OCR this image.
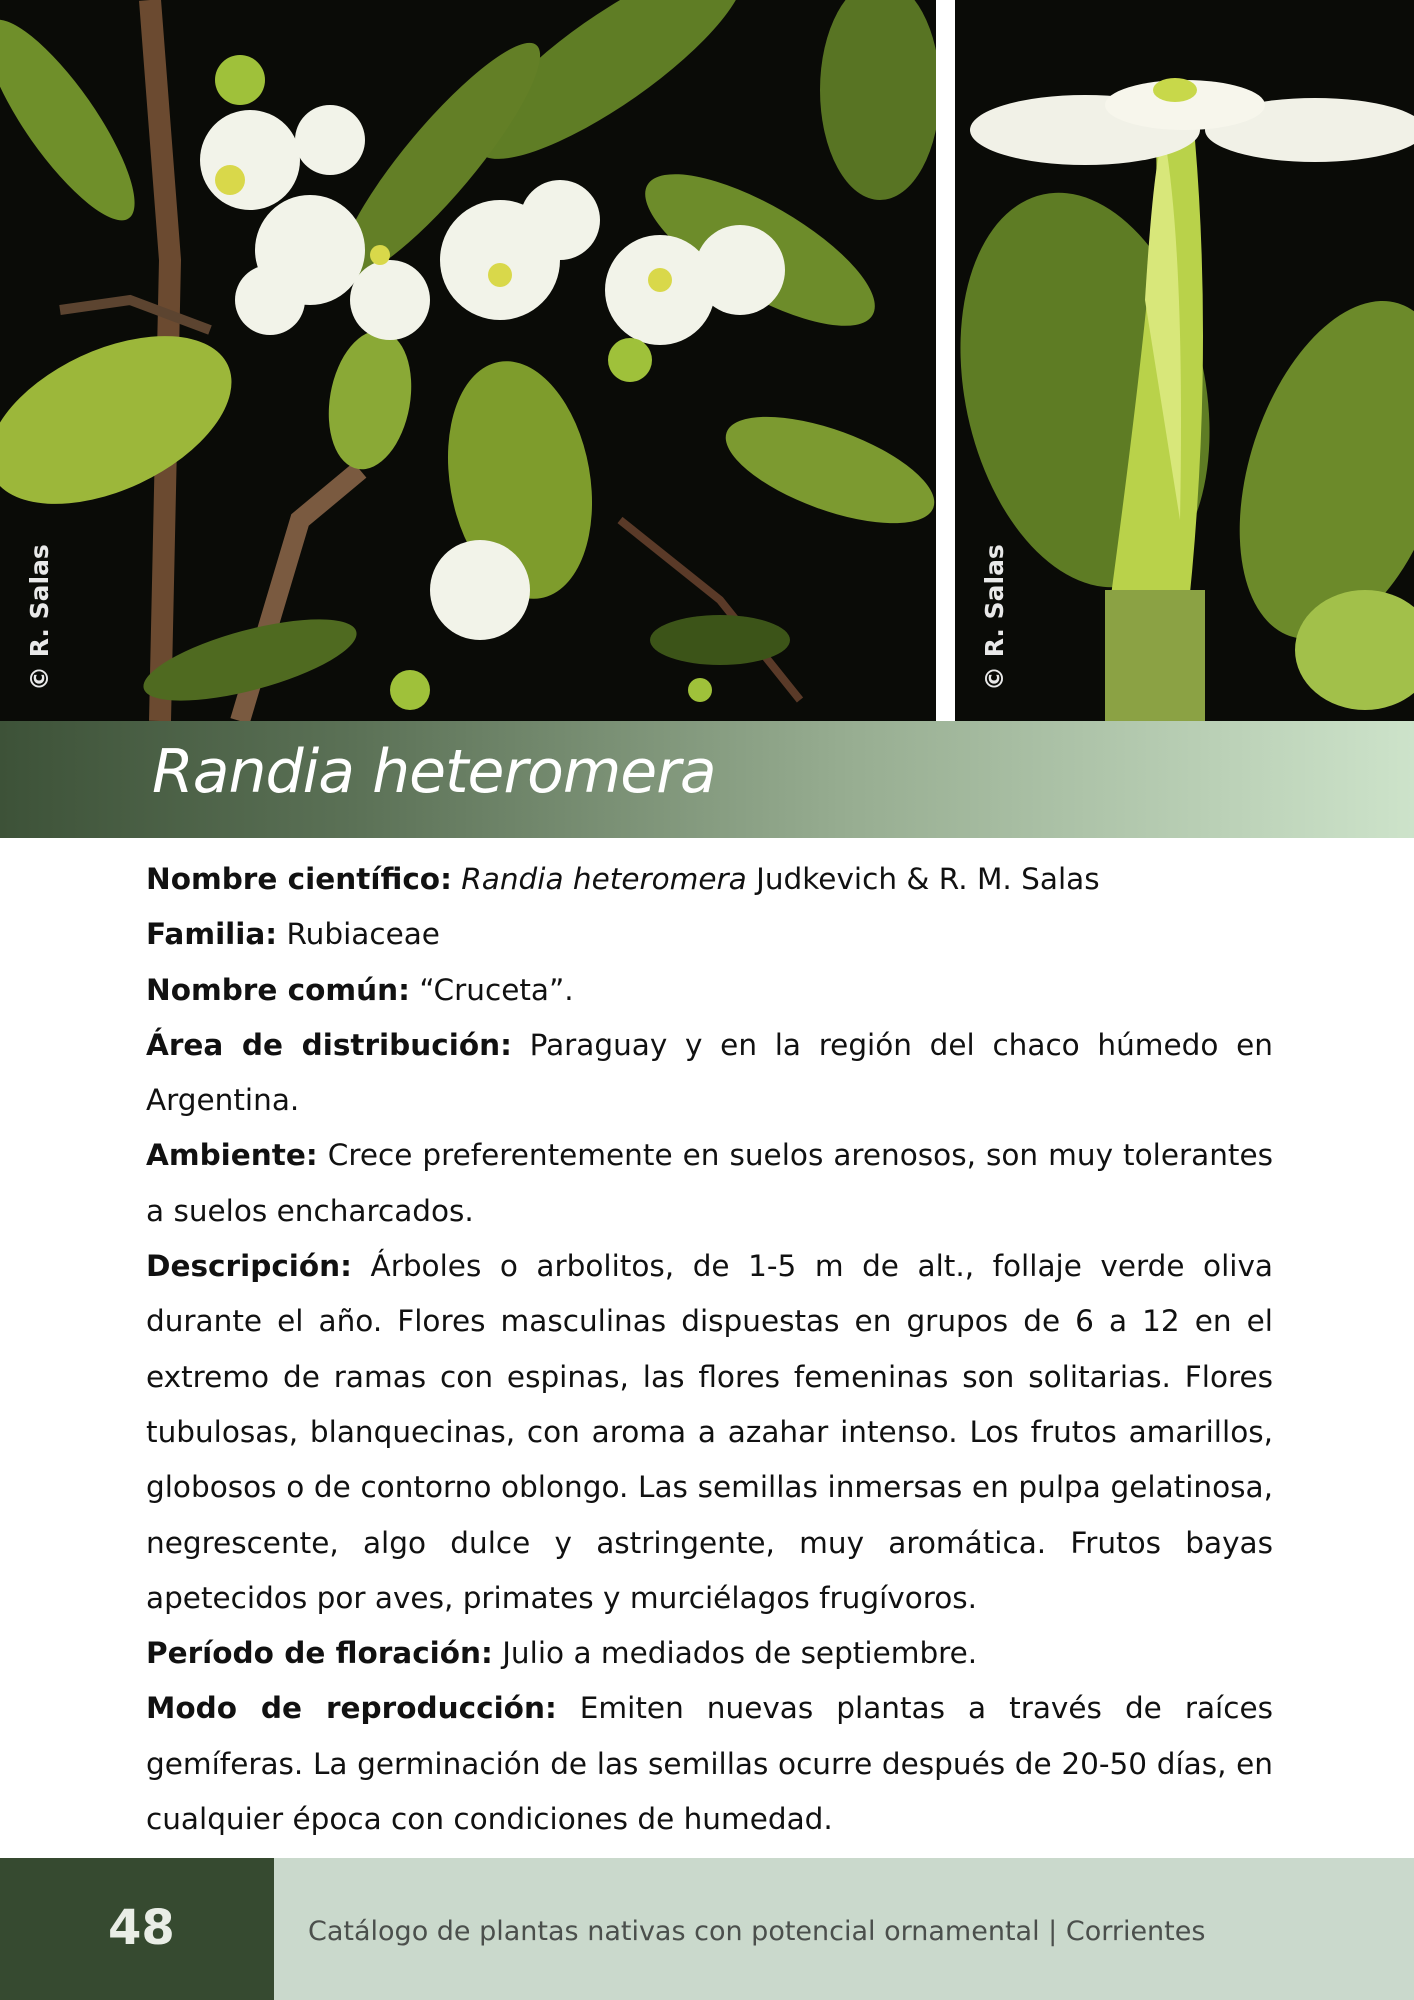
© R. Salas	© R. Salas
Randia heteromera

Nombre científico: Randia heteromera Judkevich & R. M. Salas

Familia: Rubiaceae

Nombre común: “Cruceta”.

Área de distribución: Paraguay y en la región del chaco húmedo en Argentina.

Ambiente: Crece preferentemente en suelos arenosos, son muy tolerantes a suelos encharcados.

Descripción: Árboles o arbolitos, de 1-5 m de alt., follaje verde oliva durante el año. Flores masculinas dispuestas en grupos de 6 a 12 en el extremo de ramas con espinas, las flores femeninas son solitarias. Flores tubulosas, blanquecinas, con aroma a azahar intenso. Los frutos amarillos, globosos o de contorno oblongo. Las semillas inmersas en pulpa gelatinosa, negrescente, algo dulce y astringente, muy aromática. Frutos bayas apetecidos por aves, primates y murciélagos frugívoros.

Período de floración: Julio a mediados de septiembre.

Modo de reproducción: Emiten nuevas plantas a través de raíces gemíferas. La germinación de las semillas ocurre después de 20-50 días, en cualquier época con condiciones de humedad.

48	Catálogo de plantas nativas con potencial ornamental | Corrientes
